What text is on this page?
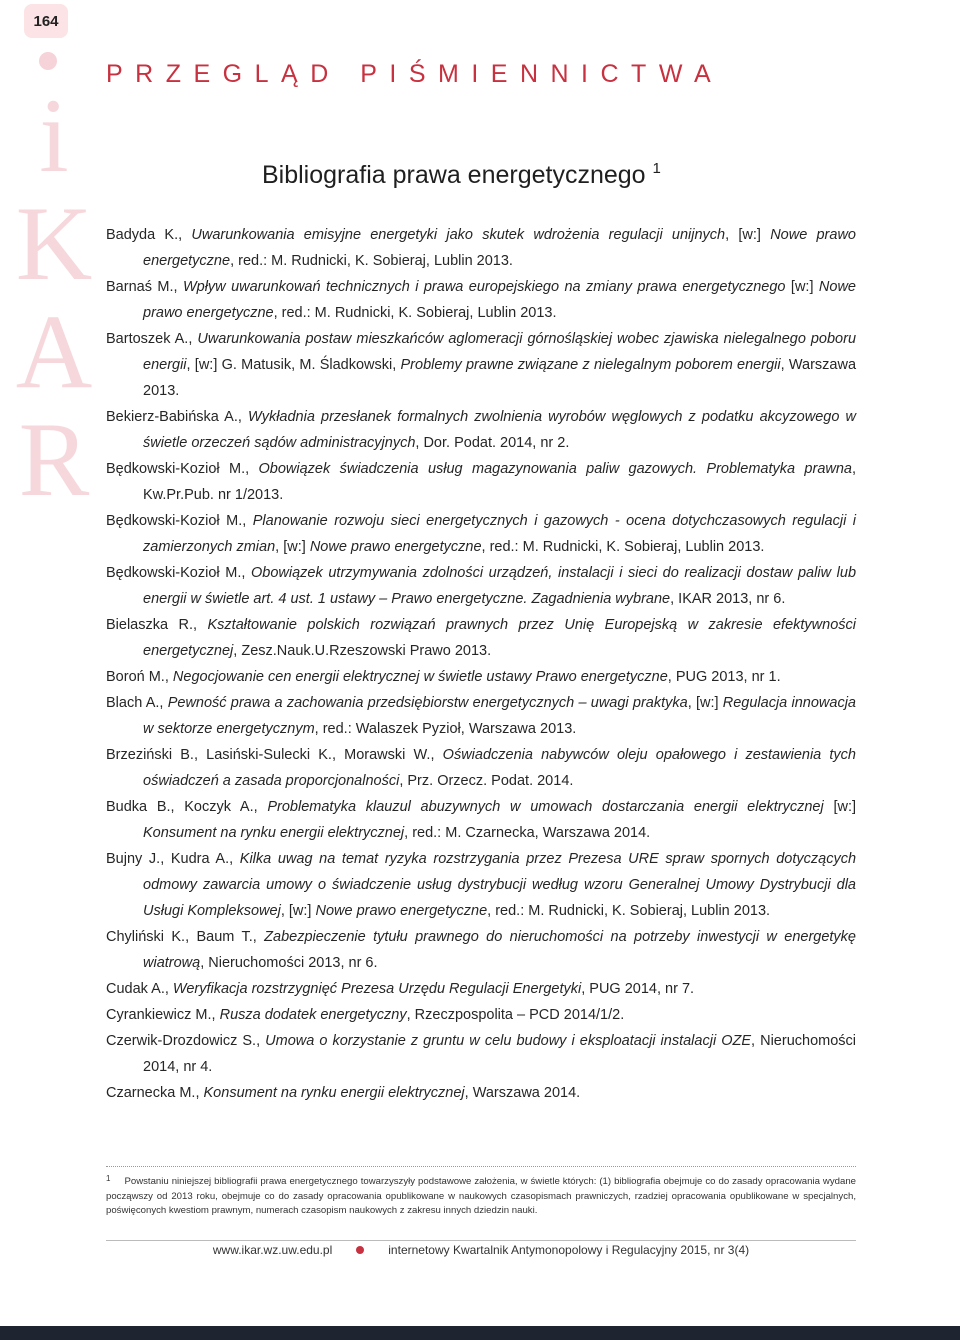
164
i
K
A
R
PRZEGLĄD PIŚMIENNICTWA
Bibliografia prawa energetycznego $^1$

Badyda K., Uwarunkowania emisyjne energetyki jako skutek wdrożenia regulacji unijnych, [w:] Nowe prawo energetyczne, red.: M. Rudnicki, K. Sobieraj, Lublin 2013.

Barnaś M., Wpływ uwarunkowań technicznych i prawa europejskiego na zmiany prawa energetycznego [w:] Nowe prawo energetyczne, red.: M. Rudnicki, K. Sobieraj, Lublin 2013.

Bartoszek A., Uwarunkowania postaw mieszkańców aglomeracji górnośląskiej wobec zjawiska nielegalnego poboru energii, [w:] G. Matusik, M. Śladkowski, Problemy prawne związane z nielegalnym poborem energii, Warszawa 2013.

Bekierz-Babińska A., Wykładnia przesłanek formalnych zwolnienia wyrobów węglowych z podatku akcyzowego w świetle orzeczeń sądów administracyjnych, Dor. Podat. 2014, nr 2.

Będkowski-Kozioł M., Obowiązek świadczenia usług magazynowania paliw gazowych. Problematyka prawna, Kw.Pr.Pub. nr 1/2013.

Będkowski-Kozioł M., Planowanie rozwoju sieci energetycznych i gazowych - ocena dotychczasowych regulacji i zamierzonych zmian, [w:] Nowe prawo energetyczne, red.: M. Rudnicki, K. Sobieraj, Lublin 2013.

Będkowski-Kozioł M., Obowiązek utrzymywania zdolności urządzeń, instalacji i sieci do realizacji dostaw paliw lub energii w świetle art. 4 ust. 1 ustawy – Prawo energetyczne. Zagadnienia wybrane, IKAR 2013, nr 6.

Bielaszka R., Kształtowanie polskich rozwiązań prawnych przez Unię Europejską w zakresie efektywności energetycznej, Zesz.Nauk.U.Rzeszowski Prawo 2013.

Boroń M., Negocjowanie cen energii elektrycznej w świetle ustawy Prawo energetyczne, PUG 2013, nr 1.

Blach A., Pewność prawa a zachowania przedsiębiorstw energetycznych – uwagi praktyka, [w:] Regulacja innowacja w sektorze energetycznym, red.: Walaszek Pyzioł, Warszawa 2013.

Brzeziński B., Lasiński-Sulecki K., Morawski W., Oświadczenia nabywców oleju opałowego i zestawienia tych oświadczeń a zasada proporcjonalności, Prz. Orzecz. Podat. 2014.

Budka B., Koczyk A., Problematyka klauzul abuzywnych w umowach dostarczania energii elektrycznej [w:] Konsument na rynku energii elektrycznej, red.: M. Czarnecka, Warszawa 2014.

Bujny J., Kudra A., Kilka uwag na temat ryzyka rozstrzygania przez Prezesa URE spraw spornych dotyczących odmowy zawarcia umowy o świadczenie usług dystrybucji według wzoru Generalnej Umowy Dystrybucji dla Usługi Kompleksowej, [w:] Nowe prawo energetyczne, red.: M. Rudnicki, K. Sobieraj, Lublin 2013.

Chyliński K., Baum T., Zabezpieczenie tytułu prawnego do nieruchomości na potrzeby inwestycji w energetykę wiatrową, Nieruchomości 2013, nr 6.

Cudak A., Weryfikacja rozstrzygnięć Prezesa Urzędu Regulacji Energetyki, PUG 2014, nr 7.

Cyrankiewicz M., Rusza dodatek energetyczny, Rzeczpospolita – PCD 2014/1/2.

Czerwik-Drozdowicz S., Umowa o korzystanie z gruntu w celu budowy i eksploatacji instalacji OZE, Nieruchomości 2014, nr 4.

Czarnecka M., Konsument na rynku energii elektrycznej, Warszawa 2014.

$^1$ Powstaniu niniejszej bibliografii prawa energetycznego towarzyszyły podstawowe założenia, w świetle których: (1) bibliografia obejmuje co do zasady opracowania wydane począwszy od 2013 roku, obejmuje co do zasady opracowania opublikowane w naukowych czasopismach prawniczych, rzadziej opracowania opublikowane w specjalnych, poświęconych kwestiom prawnym, numerach czasopism naukowych z zakresu innych dziedzin nauki.
www.ikar.wz.uw.edu.pl	internetowy Kwartalnik Antymonopolowy i Regulacyjny 2015, nr 3(4)
